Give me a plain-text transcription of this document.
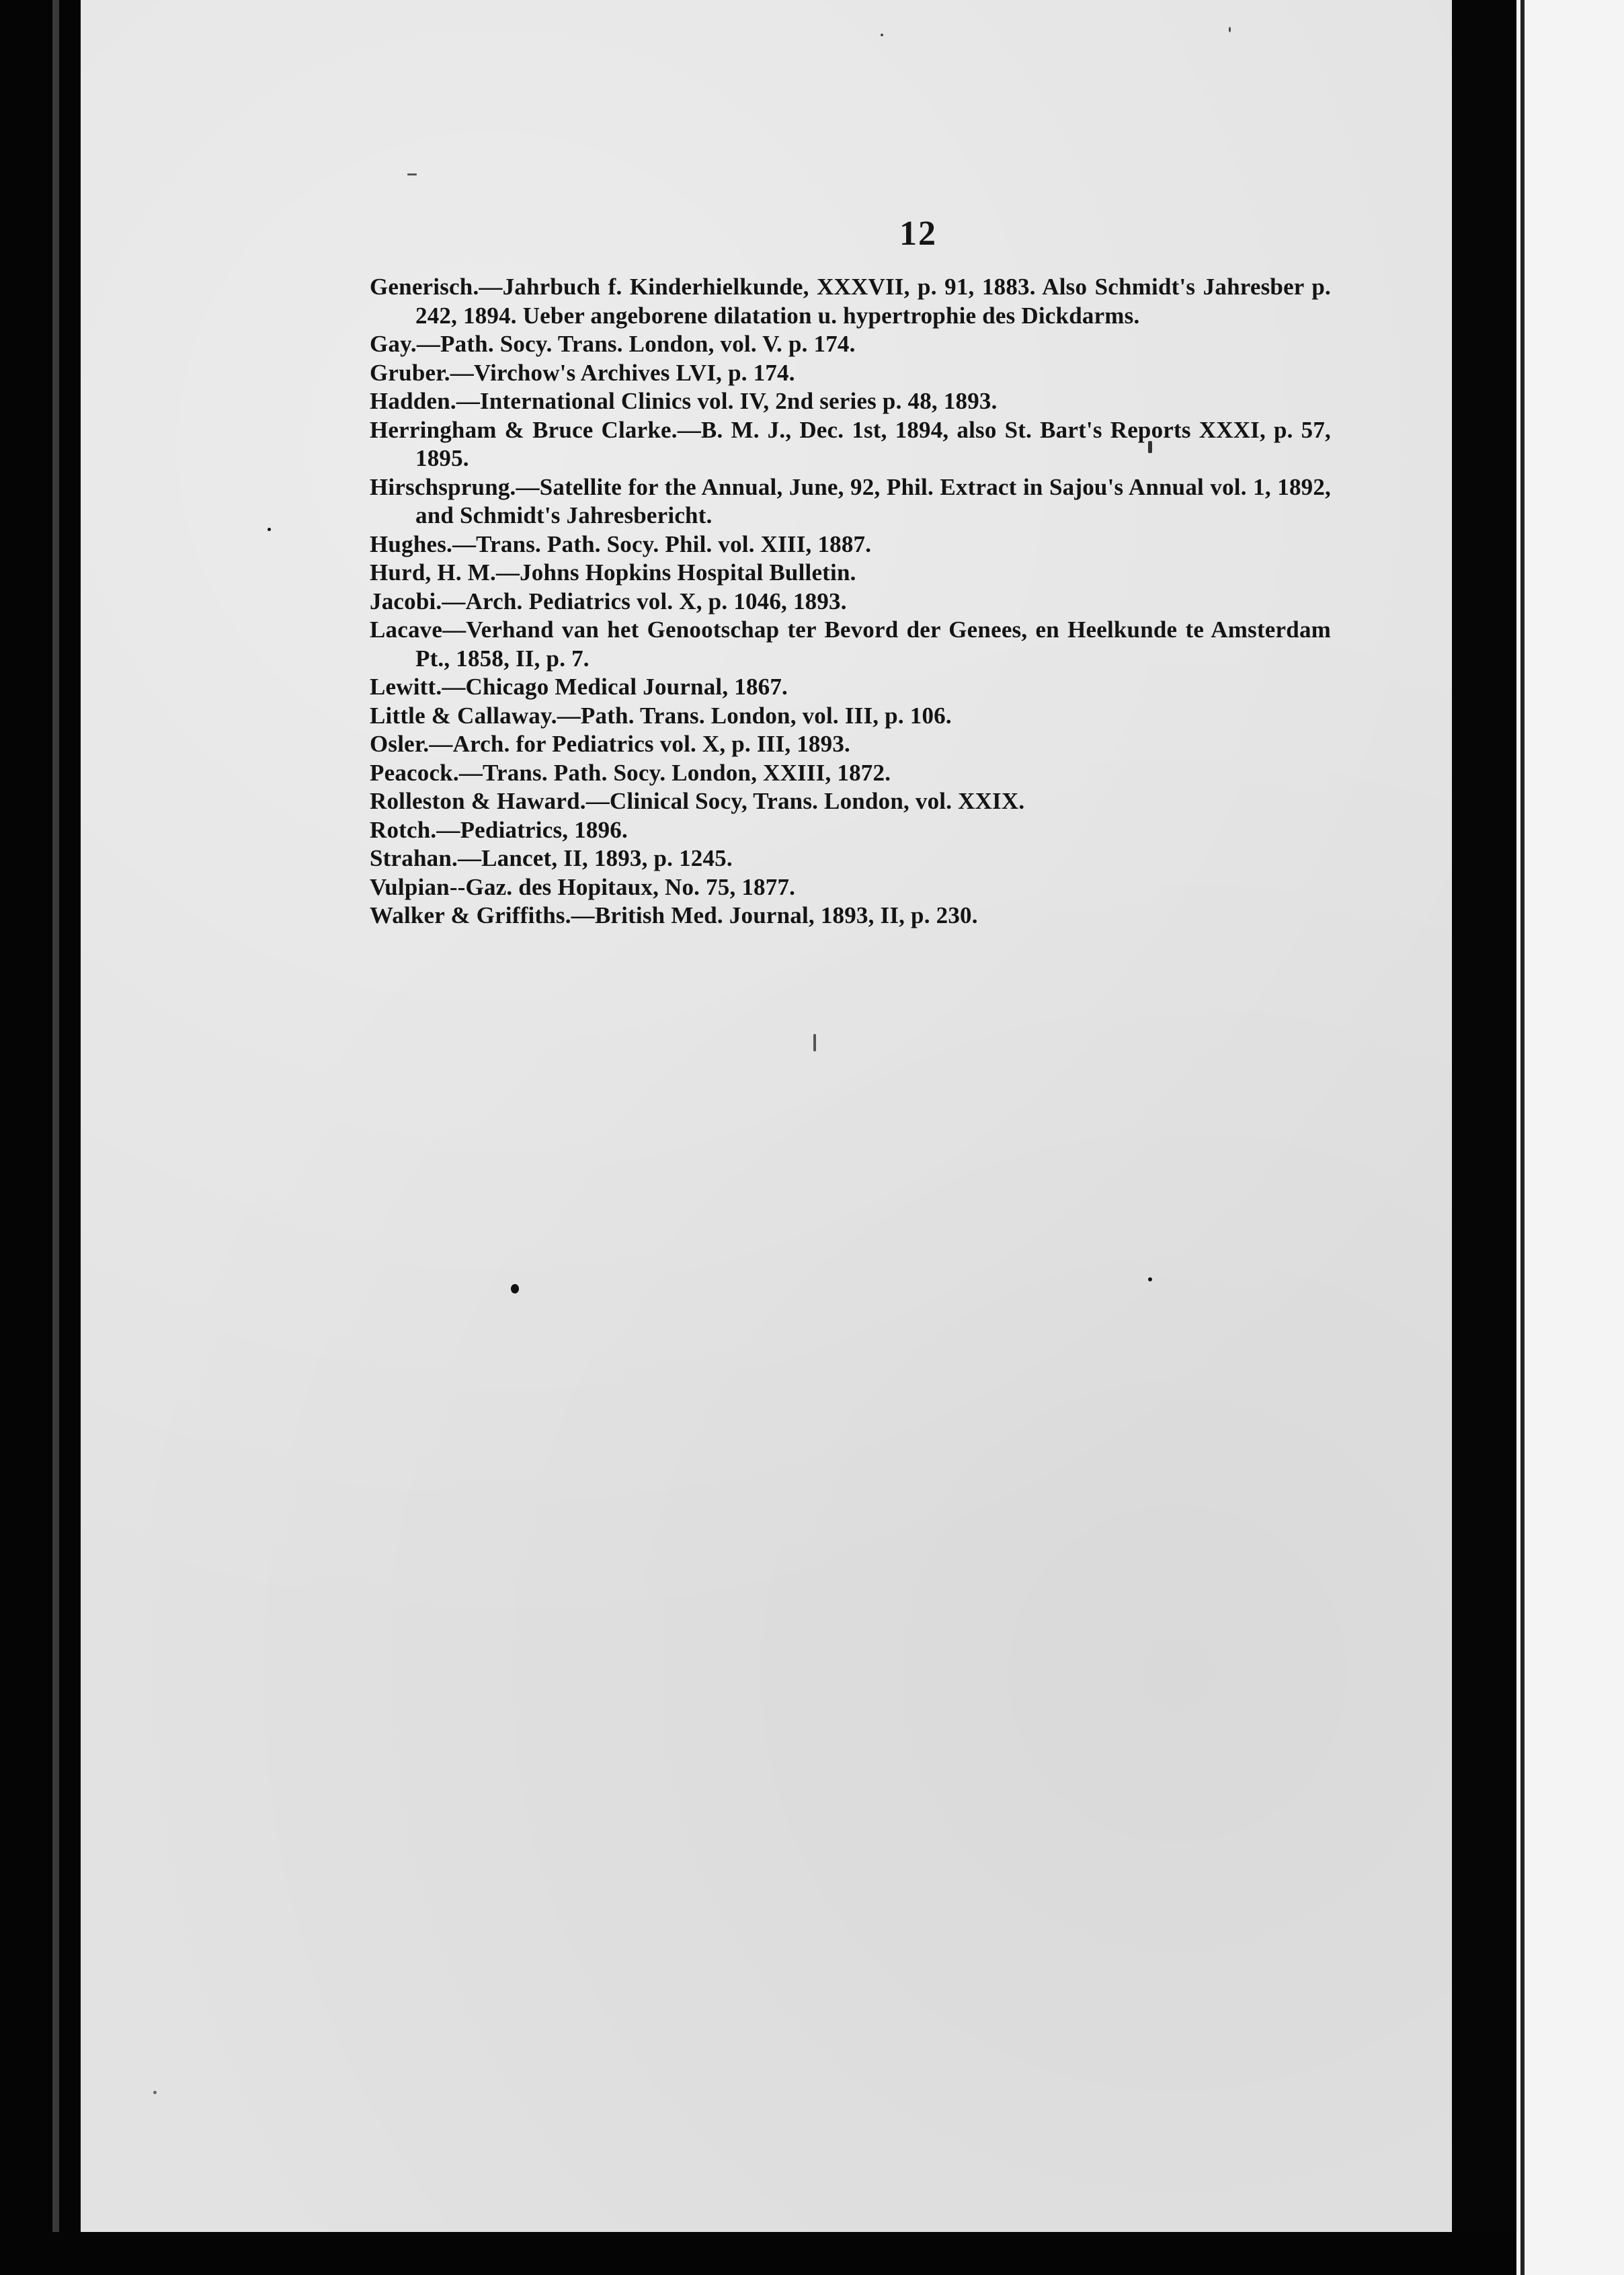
12
Generisch.—Jahrbuch f. Kinderhielkunde, XXXVII, p. 91, 1883. Also Schmidt's Jahresber p. 242, 1894. Ueber angeborene dilatation u. hypertrophie des Dickdarms.
Gay.—Path. Socy. Trans. London, vol. V. p. 174.
Gruber.—Virchow's Archives LVI, p. 174.
Hadden.—International Clinics vol. IV, 2nd series p. 48, 1893.
Herringham & Bruce Clarke.—B. M. J., Dec. 1st, 1894, also St. Bart's Reports XXXI, p. 57, 1895.
Hirschsprung.—Satellite for the Annual, June, 92, Phil. Extract in Sajou's Annual vol. 1, 1892, and Schmidt's Jahresbericht.
Hughes.—Trans. Path. Socy. Phil. vol. XIII, 1887.
Hurd, H. M.—Johns Hopkins Hospital Bulletin.
Jacobi.—Arch. Pediatrics vol. X, p. 1046, 1893.
Lacave—Verhand van het Genootschap ter Bevord der Genees, en Heelkunde te Amsterdam Pt., 1858, II, p. 7.
Lewitt.—Chicago Medical Journal, 1867.
Little & Callaway.—Path. Trans. London, vol. III, p. 106.
Osler.—Arch. for Pediatrics vol. X, p. III, 1893.
Peacock.—Trans. Path. Socy. London, XXIII, 1872.
Rolleston & Haward.—Clinical Socy, Trans. London, vol. XXIX.
Rotch.—Pediatrics, 1896.
Strahan.—Lancet, II, 1893, p. 1245.
Vulpian--Gaz. des Hopitaux, No. 75, 1877.
Walker & Griffiths.—British Med. Journal, 1893, II, p. 230.
